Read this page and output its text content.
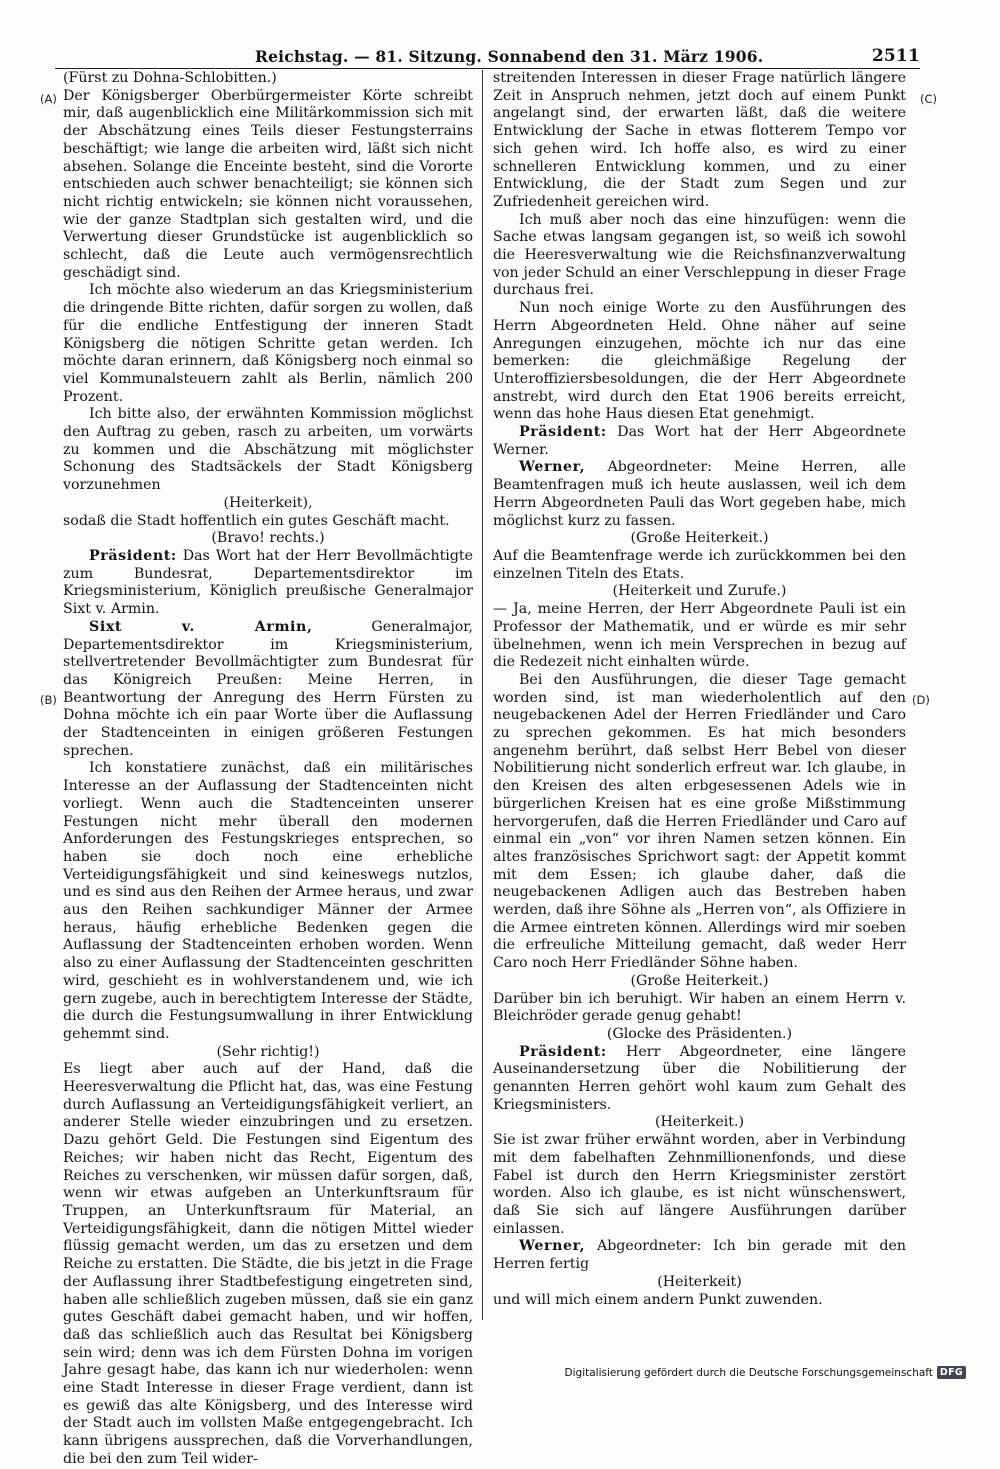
Reichstag. — 81. Sitzung. Sonnabend den 31. März 1906.	2511
(A)
(B)
(C)
(D)

(Fürst zu Dohna-Schlobitten.)

Der Königsberger Oberbürgermeister Körte schreibt mir, daß augenblicklich eine Militärkommission sich mit der Abschätzung eines Teils dieser Festungsterrains beschäftigt; wie lange die arbeiten wird, läßt sich nicht absehen. Solange die Enceinte besteht, sind die Vororte entschieden auch schwer benachteiligt; sie können sich nicht richtig entwickeln; sie können nicht voraussehen, wie der ganze Stadtplan sich gestalten wird, und die Verwertung dieser Grundstücke ist augenblicklich so schlecht, daß die Leute auch vermögensrechtlich geschädigt sind.

Ich möchte also wiederum an das Kriegsministerium die dringende Bitte richten, dafür sorgen zu wollen, daß für die endliche Entfestigung der inneren Stadt Königsberg die nötigen Schritte getan werden. Ich möchte daran erinnern, daß Königsberg noch einmal so viel Kommunalsteuern zahlt als Berlin, nämlich 200 Prozent.

Ich bitte also, der erwähnten Kommission möglichst den Auftrag zu geben, rasch zu arbeiten, um vorwärts zu kommen und die Abschätzung mit möglichster Schonung des Stadtsäckels der Stadt Königsberg vorzunehmen

(Heiterkeit),

sodaß die Stadt hoffentlich ein gutes Geschäft macht.

(Bravo! rechts.)

Präsident: Das Wort hat der Herr Bevollmächtigte zum Bundesrat, Departementsdirektor im Kriegsministerium, Königlich preußische Generalmajor Sixt v. Armin.

Sixt v. Armin, Generalmajor, Departementsdirektor im Kriegsministerium, stellvertretender Bevollmächtigter zum Bundesrat für das Königreich Preußen: Meine Herren, in Beantwortung der Anregung des Herrn Fürsten zu Dohna möchte ich ein paar Worte über die Auflassung der Stadtenceinten in einigen größeren Festungen sprechen.

Ich konstatiere zunächst, daß ein militärisches Interesse an der Auflassung der Stadtenceinten nicht vorliegt. Wenn auch die Stadtenceinten unserer Festungen nicht mehr überall den modernen Anforderungen des Festungskrieges entsprechen, so haben sie doch noch eine erhebliche Verteidigungsfähigkeit und sind keineswegs nutzlos, und es sind aus den Reihen der Armee heraus, und zwar aus den Reihen sachkundiger Männer der Armee heraus, häufig erhebliche Bedenken gegen die Auflassung der Stadtenceinten erhoben worden. Wenn also zu einer Auflassung der Stadtenceinten geschritten wird, geschieht es in wohlverstandenem und, wie ich gern zugebe, auch in berechtigtem Interesse der Städte, die durch die Festungsumwallung in ihrer Entwicklung gehemmt sind.

(Sehr richtig!)

Es liegt aber auch auf der Hand, daß die Heeresverwaltung die Pflicht hat, das, was eine Festung durch Auflassung an Verteidigungsfähigkeit verliert, an anderer Stelle wieder einzubringen und zu ersetzen. Dazu gehört Geld. Die Festungen sind Eigentum des Reiches; wir haben nicht das Recht, Eigentum des Reiches zu verschenken, wir müssen dafür sorgen, daß, wenn wir etwas aufgeben an Unterkunftsraum für Truppen, an Unterkunftsraum für Material, an Verteidigungsfähigkeit, dann die nötigen Mittel wieder flüssig gemacht werden, um das zu ersetzen und dem Reiche zu erstatten. Die Städte, die bis jetzt in die Frage der Auflassung ihrer Stadtbefestigung eingetreten sind, haben alle schließlich zugeben müssen, daß sie ein ganz gutes Geschäft dabei gemacht haben, und wir hoffen, daß das schließlich auch das Resultat bei Königsberg sein wird; denn was ich dem Fürsten Dohna im vorigen Jahre gesagt habe, das kann ich nur wiederholen: wenn eine Stadt Interesse in dieser Frage verdient, dann ist es gewiß das alte Königsberg, und des Interesse wird der Stadt auch im vollsten Maße entgegengebracht. Ich kann übrigens aussprechen, daß die Vorverhandlungen, die bei den zum Teil wider-

streitenden Interessen in dieser Frage natürlich längere Zeit in Anspruch nehmen, jetzt doch auf einem Punkt angelangt sind, der erwarten läßt, daß die weitere Entwicklung der Sache in etwas flotterem Tempo vor sich gehen wird. Ich hoffe also, es wird zu einer schnelleren Entwicklung kommen, und zu einer Entwicklung, die der Stadt zum Segen und zur Zufriedenheit gereichen wird.

Ich muß aber noch das eine hinzufügen: wenn die Sache etwas langsam gegangen ist, so weiß ich sowohl die Heeresverwaltung wie die Reichsfinanzverwaltung von jeder Schuld an einer Verschleppung in dieser Frage durchaus frei.

Nun noch einige Worte zu den Ausführungen des Herrn Abgeordneten Held. Ohne näher auf seine Anregungen einzugehen, möchte ich nur das eine bemerken: die gleichmäßige Regelung der Unteroffiziersbesoldungen, die der Herr Abgeordnete anstrebt, wird durch den Etat 1906 bereits erreicht, wenn das hohe Haus diesen Etat genehmigt.

Präsident: Das Wort hat der Herr Abgeordnete Werner.

Werner, Abgeordneter: Meine Herren, alle Beamtenfragen muß ich heute auslassen, weil ich dem Herrn Abgeordneten Pauli das Wort gegeben habe, mich möglichst kurz zu fassen.

(Große Heiterkeit.)

Auf die Beamtenfrage werde ich zurückkommen bei den einzelnen Titeln des Etats.

(Heiterkeit und Zurufe.)

— Ja, meine Herren, der Herr Abgeordnete Pauli ist ein Professor der Mathematik, und er würde es mir sehr übelnehmen, wenn ich mein Versprechen in bezug auf die Redezeit nicht einhalten würde.

Bei den Ausführungen, die dieser Tage gemacht worden sind, ist man wiederholentlich auf den neugebackenen Adel der Herren Friedländer und Caro zu sprechen gekommen. Es hat mich besonders angenehm berührt, daß selbst Herr Bebel von dieser Nobilitierung nicht sonderlich erfreut war. Ich glaube, in den Kreisen des alten erbgesessenen Adels wie in bürgerlichen Kreisen hat es eine große Mißstimmung hervorgerufen, daß die Herren Friedländer und Caro auf einmal ein „von“ vor ihren Namen setzen können. Ein altes französisches Sprichwort sagt: der Appetit kommt mit dem Essen; ich glaube daher, daß die neugebackenen Adligen auch das Bestreben haben werden, daß ihre Söhne als „Herren von“, als Offiziere in die Armee eintreten können. Allerdings wird mir soeben die erfreuliche Mitteilung gemacht, daß weder Herr Caro noch Herr Friedländer Söhne haben.

(Große Heiterkeit.)

Darüber bin ich beruhigt. Wir haben an einem Herrn v. Bleichröder gerade genug gehabt!

(Glocke des Präsidenten.)

Präsident: Herr Abgeordneter, eine längere Auseinandersetzung über die Nobilitierung der genannten Herren gehört wohl kaum zum Gehalt des Kriegsministers.

(Heiterkeit.)

Sie ist zwar früher erwähnt worden, aber in Verbindung mit dem fabelhaften Zehnmillionenfonds, und diese Fabel ist durch den Herrn Kriegsminister zerstört worden. Also ich glaube, es ist nicht wünschenswert, daß Sie sich auf längere Ausführungen darüber einlassen.

Werner, Abgeordneter: Ich bin gerade mit den Herren fertig

(Heiterkeit)

und will mich einem andern Punkt zuwenden.

Digitalisierung gefördert durch die Deutsche Forschungsgemeinschaft DFG
